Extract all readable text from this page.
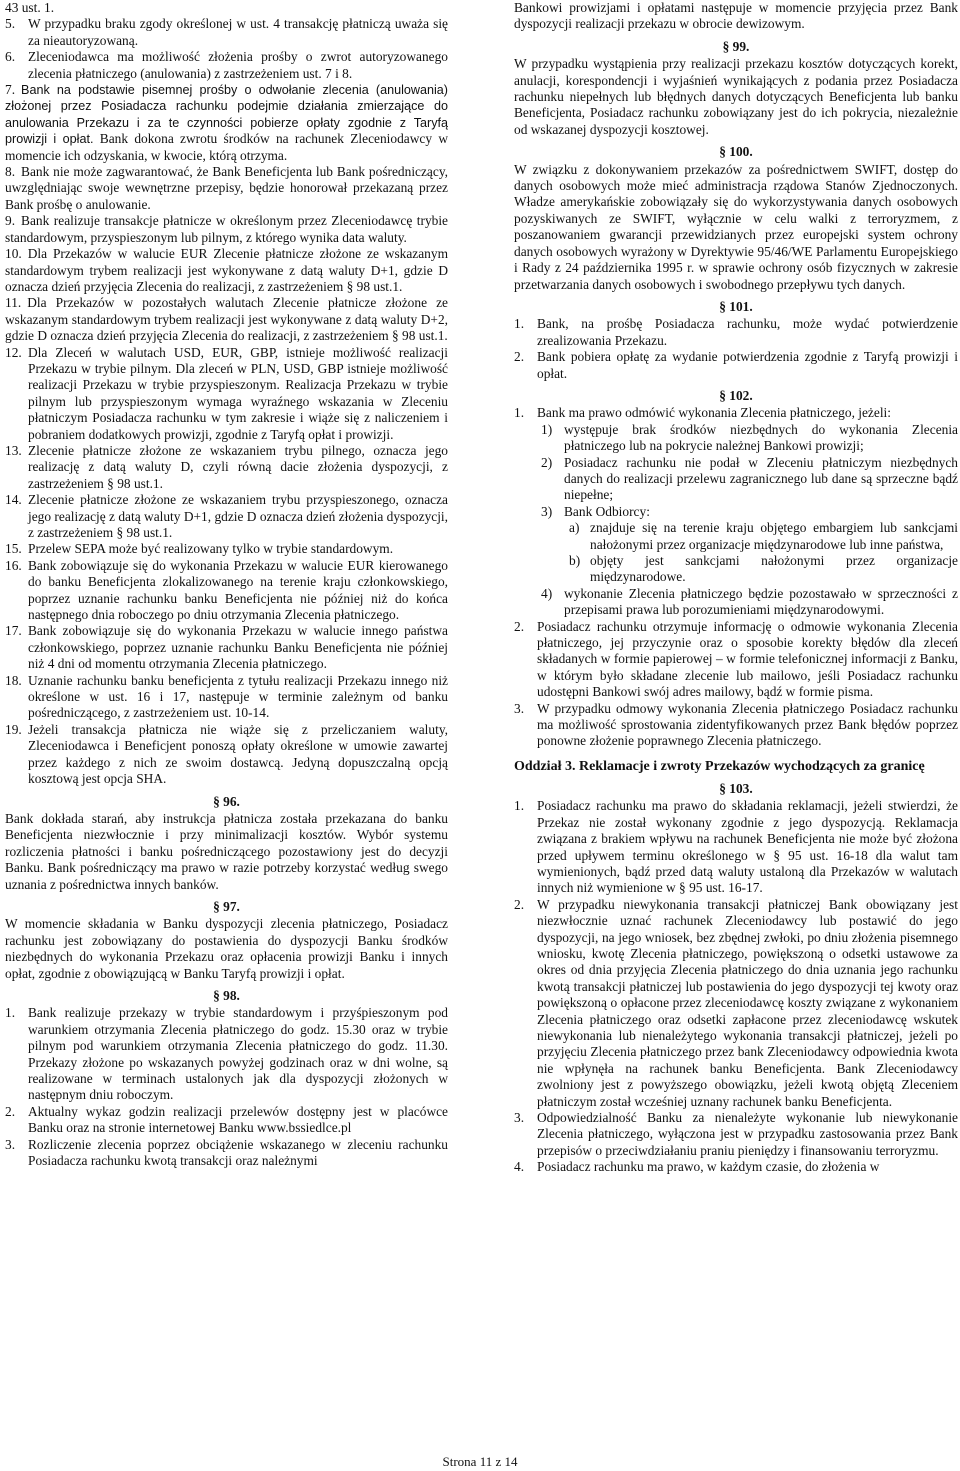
43 ust. 1.

5. W przypadku braku zgody określonej w ust. 4 transakcję płatniczą uważa się za nieautoryzowaną.
6. Zleceniodawca ma możliwość złożenia prośby o zwrot autoryzowanego zlecenia płatniczego (anulowania) z zastrzeżeniem ust. 7 i 8.
7. Bank na podstawie pisemnej prośby o odwołanie zlecenia (anulowania) złożonej przez Posiadacza rachunku podejmie działania zmierzające do anulowania Przekazu i za te czynności pobierze opłaty zgodnie z Taryfą prowizji i opłat. Bank dokona zwrotu środków na rachunek Zleceniodawcy w momencie ich odzyskania, w kwocie, którą otrzyma.
8. Bank nie może zagwarantować, że Bank Beneficjenta lub Bank pośredniczący, uwzględniając swoje wewnętrzne przepisy, będzie honorował przekazaną przez Bank prośbę o anulowanie.
9. Bank realizuje transakcje płatnicze w określonym przez Zleceniodawcę trybie standardowym, przyspieszonym lub pilnym, z którego wynika data waluty.
10. Dla Przekazów w walucie EUR Zlecenie płatnicze złożone ze wskazanym standardowym trybem realizacji jest wykonywane z datą waluty D+1, gdzie D oznacza dzień przyjęcia Zlecenia do realizacji, z zastrzeżeniem § 98 ust.1.
11. Dla Przekazów w pozostałych walutach Zlecenie płatnicze złożone ze wskazanym standardowym trybem realizacji jest wykonywane z datą waluty D+2, gdzie D oznacza dzień przyjęcia Zlecenia do realizacji, z zastrzeżeniem § 98 ust.1.
12. Dla Zleceń w walutach USD, EUR, GBP, istnieje możliwość realizacji Przekazu w trybie pilnym. Dla zleceń w PLN, USD, GBP istnieje możliwość realizacji Przekazu w trybie przyspieszonym. Realizacja Przekazu w trybie pilnym lub przyspieszonym wymaga wyraźnego wskazania w Zleceniu płatniczym Posiadacza rachunku w tym zakresie i wiąże się z naliczeniem i pobraniem dodatkowych prowizji, zgodnie z Taryfą opłat i prowizji.
13. Zlecenie płatnicze złożone ze wskazaniem trybu pilnego, oznacza jego realizację z datą waluty D, czyli równą dacie złożenia dyspozycji, z zastrzeżeniem § 98 ust.1.
14. Zlecenie płatnicze złożone ze wskazaniem trybu przyspieszonego, oznacza jego realizację z datą waluty D+1, gdzie D oznacza dzień złożenia dyspozycji, z zastrzeżeniem § 98 ust.1.
15. Przelew SEPA może być realizowany tylko w trybie standardowym.
16. Bank zobowiązuje się do wykonania Przekazu w walucie EUR kierowanego do banku Beneficjenta zlokalizowanego na terenie kraju członkowskiego, poprzez uznanie rachunku banku Beneficjenta nie później niż do końca następnego dnia roboczego po dniu otrzymania Zlecenia płatniczego.
17. Bank zobowiązuje się do wykonania Przekazu w walucie innego państwa członkowskiego, poprzez uznanie rachunku Banku Beneficjenta nie później niż 4 dni od momentu otrzymania Zlecenia płatniczego.
18. Uznanie rachunku banku beneficjenta z tytułu realizacji Przekazu innego niż określone w ust. 16 i 17, następuje w terminie zależnym od banku pośredniczącego, z zastrzeżeniem ust. 10-14.
19. Jeżeli transakcja płatnicza nie wiąże się z przeliczaniem waluty, Zleceniodawca i Beneficjent ponoszą opłaty określone w umowie zawartej przez każdego z nich ze swoim dostawcą. Jedyną dopuszczalną opcją kosztową jest opcja SHA.

§ 96.

Bank dokłada starań, aby instrukcja płatnicza została przekazana do banku Beneficjenta niezwłocznie i przy minimalizacji kosztów. Wybór systemu rozliczenia płatności i banku pośredniczącego pozostawiony jest do decyzji Banku. Bank pośredniczący ma prawo w razie potrzeby korzystać według swego uznania z pośrednictwa innych banków.

§ 97.

W momencie składania w Banku dyspozycji zlecenia płatniczego, Posiadacz rachunku jest zobowiązany do postawienia do dyspozycji Banku środków niezbędnych do wykonania Przekazu oraz opłacenia prowizji Banku i innych opłat, zgodnie z obowiązującą w Banku Taryfą prowizji i opłat.

§ 98.

1. Bank realizuje przekazy w trybie standardowym i przyśpieszonym pod warunkiem otrzymania Zlecenia płatniczego do godz. 15.30 oraz w trybie pilnym pod warunkiem otrzymania Zlecenia płatniczego do godz. 11.30. Przekazy złożone po wskazanych powyżej godzinach oraz w dni wolne, są realizowane w terminach ustalonych jak dla dyspozycji złożonych w następnym dniu roboczym.
2. Aktualny wykaz godzin realizacji przelewów dostępny jest w placówce Banku oraz na stronie internetowej Banku www.bssiedlce.pl
3. Rozliczenie zlecenia poprzez obciążenie wskazanego w zleceniu rachunku Posiadacza rachunku kwotą transakcji oraz należnymi

Bankowi prowizjami i opłatami następuje w momencie przyjęcia przez Bank dyspozycji realizacji przekazu w obrocie dewizowym.

§ 99.

W przypadku wystąpienia przy realizacji przekazu kosztów dotyczących korekt, anulacji, korespondencji i wyjaśnień wynikających z podania przez Posiadacza rachunku niepełnych lub błędnych danych dotyczących Beneficjenta lub banku Beneficjenta, Posiadacz rachunku zobowiązany jest do ich pokrycia, niezależnie od wskazanej dyspozycji kosztowej.

§ 100.

W związku z dokonywaniem przekazów za pośrednictwem SWIFT, dostęp do danych osobowych może mieć administracja rządowa Stanów Zjednoczonych. Władze amerykańskie zobowiązały się do wykorzystywania danych osobowych pozyskiwanych ze SWIFT, wyłącznie w celu walki z terroryzmem, z poszanowaniem gwarancji przewidzianych przez europejski system ochrony danych osobowych wyrażony w Dyrektywie 95/46/WE Parlamentu Europejskiego i Rady z 24 października 1995 r. w sprawie ochrony osób fizycznych w zakresie przetwarzania danych osobowych i swobodnego przepływu tych danych.

§ 101.

1. Bank, na prośbę Posiadacza rachunku, może wydać potwierdzenie zrealizowania Przekazu.
2. Bank pobiera opłatę za wydanie potwierdzenia zgodnie z Taryfą prowizji i opłat.

§ 102.

1. Bank ma prawo odmówić wykonania Zlecenia płatniczego, jeżeli:
1) występuje brak środków niezbędnych do wykonania Zlecenia płatniczego lub na pokrycie należnej Bankowi prowizji;
2) Posiadacz rachunku nie podał w Zleceniu płatniczym niezbędnych danych do realizacji przelewu zagranicznego lub dane są sprzeczne bądź niepełne;
3) Bank Odbiorcy:
a) znajduje się na terenie kraju objętego embargiem lub sankcjami nałożonymi przez organizacje międzynarodowe lub inne państwa,
b) objęty jest sankcjami nałożonymi przez organizacje międzynarodowe.
4) wykonanie Zlecenia płatniczego będzie pozostawało w sprzeczności z przepisami prawa lub porozumieniami międzynarodowymi.
2. Posiadacz rachunku otrzymuje informację o odmowie wykonania Zlecenia płatniczego, jej przyczynie oraz o sposobie korekty błędów dla zleceń składanych w formie papierowej – w formie telefonicznej informacji z Banku, w którym było składane zlecenie lub mailowo, jeśli Posiadacz rachunku udostępni Bankowi swój adres mailowy, bądź w formie pisma.
3. W przypadku odmowy wykonania Zlecenia płatniczego Posiadacz rachunku ma możliwość sprostowania zidentyfikowanych przez Bank błędów poprzez ponowne złożenie poprawnego Zlecenia płatniczego.

Oddział 3. Reklamacje i zwroty Przekazów wychodzących za granicę

§ 103.

1. Posiadacz rachunku ma prawo do składania reklamacji, jeżeli stwierdzi, że Przekaz nie został wykonany zgodnie z jego dyspozycją. Reklamacja związana z brakiem wpływu na rachunek Beneficjenta nie może być złożona przed upływem terminu określonego w § 95 ust. 16-18 dla walut tam wymienionych, bądź przed datą waluty ustaloną dla Przekazów w walutach innych niż wymienione w § 95 ust. 16-17.
2. W przypadku niewykonania transakcji płatniczej Bank obowiązany jest niezwłocznie uznać rachunek Zleceniodawcy lub postawić do jego dyspozycji, na jego wniosek, bez zbędnej zwłoki, po dniu złożenia pisemnego wniosku, kwotę Zlecenia płatniczego, powiększoną o odsetki ustawowe za okres od dnia przyjęcia Zlecenia płatniczego do dnia uznania jego rachunku kwotą transakcji płatniczej lub postawienia do jego dyspozycji tej kwoty oraz powiększoną o opłacone przez zleceniodawcę koszty związane z wykonaniem Zlecenia płatniczego oraz odsetki zapłacone przez zleceniodawcę wskutek niewykonania lub nienależytego wykonania transakcji płatniczej, jeżeli po przyjęciu Zlecenia płatniczego przez bank Zleceniodawcy odpowiednia kwota nie wpłynęła na rachunek banku Beneficjenta. Bank Zleceniodawcy zwolniony jest z powyższego obowiązku, jeżeli kwotą objętą Zleceniem płatniczym został wcześniej uznany rachunek banku Beneficjenta.
3. Odpowiedzialność Banku za nienależyte wykonanie lub niewykonanie Zlecenia płatniczego, wyłączona jest w przypadku zastosowania przez Bank przepisów o przeciwdziałaniu praniu pieniędzy i finansowaniu terroryzmu.
4. Posiadacz rachunku ma prawo, w każdym czasie, do złożenia w
Strona 11 z 14
